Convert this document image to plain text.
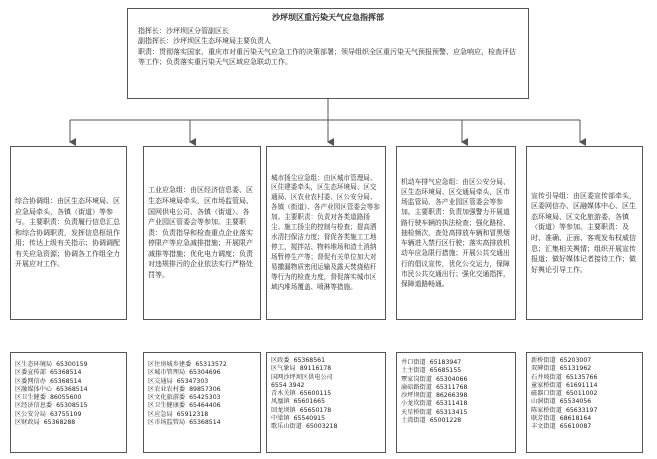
沙坪坝区重污染天气应急指挥部
指挥长：沙坪坝区分管副区长
副指挥长：沙坪坝区生态环境局主要负责人
职责：贯彻落实国家、重庆市对重污染天气应急工作的决策部署；领导组织全区重污染天气预报预警、应急响应、检查评估等工作；负责落实重污染天气区域应急联动工作。
综合协调组：由区生态环境局、区应急局牵头，各镇（街道）等参与。主要职责：负责履行信息汇总和综合协调职责，发挥信息枢纽作用；传达上级有关指示；协调调配有关应急资源；协调各工作组全力开展应对工作。
工业应急组：由区经济信息委、区生态环境局牵头，区市场监管局、国网供电公司、各镇（街道）、各产业园区管委会等参加。主要职责：负责指导和检查重点企业落实停限产等应急减排措施；开展限产减排等措施；优化电力调度；负责对违规排污的企业依法实行严格处罚等。
城市扬尘应急组：由区城市管理局、区住建委牵头，区生态环境局、区交通局、区农业农村委、区公安分局、各镇（街道）、各产业园区管委会等参加。主要职责：负责对各类道路扬尘、施工扬尘的控制与检查；提高洒水清扫保洁力度；督促各类施工工地停工，搅拌站、物料堆场和渣土消纳场暂停生产等；督促有关单位加大对易撒漏物质密闭运输及露天焚烧秸秆等行为的检查力度，督促落实城市区域内堆场覆盖、喷淋等措施。
机动车排气应急组：由区公安分局、区生态环境局、区交通局牵头，区市场监管局、各产业园区管委会等参加。主要职责：负责加强警力开展道路行驶车辆的执法检查；强化路检、抽检频次，查处高排放车辆和冒黑烟车辆进入禁行区行驶；落实高排放机动车应急限行措施；开展公共交通出行的倡议宣传，优化公交运力，保障市民公共交通出行；强化交通指挥，保障道路畅通。
宣传引导组：由区委宣传部牵头，区委网信办、区融媒体中心、区生态环境局、区文化旅游委、各镇（街道）等参加。主要职责：及时、准确、正面、客观发布权威信息；汇集相关舆情；组织开展宣传报道；做好媒体记者接待工作；做好舆论引导工作。
区生态环境局 65300159
区委宣传部 65368514
区委网信办 65368514
区融媒体中心 65368514
区卫生健委 86055600
区经济信息委 65308515
区公安分局 63755109
区财政局 65368288
区住房城乡建委 65313572
区城市管理局 65304696
区交通局 65347303
区农业农村委 89857306
区文化旅游委 65425303
区卫生健康委 65464406
区应急局 65912318
区市场监管局 65368514
区政委 65368561
区气象局 89116178
国网沙坪坝区供电公司
6554 3942
青木关镇 65600115
凤凰镇 65601665
回龙坝镇 65650178
中梁镇 65540915
歌乐山街道 65003218
井口街道 65183947
土主街道 65685155
覃家岗街道 65304066
渝碚路街道 65311768
沙坪坝街道 86266398
小龙坎街道 65311418
天星桥街道 65313415
土湾街道 65001228
新桥街道 65203007
双碑街道 65131962
石井坡街道 65135766
童家桥街道 61691114
磁器口街道 65011002
山洞街道 65534056
陈家桥街道 65633197
联芳街道 68618164
丰文街道 65610087
